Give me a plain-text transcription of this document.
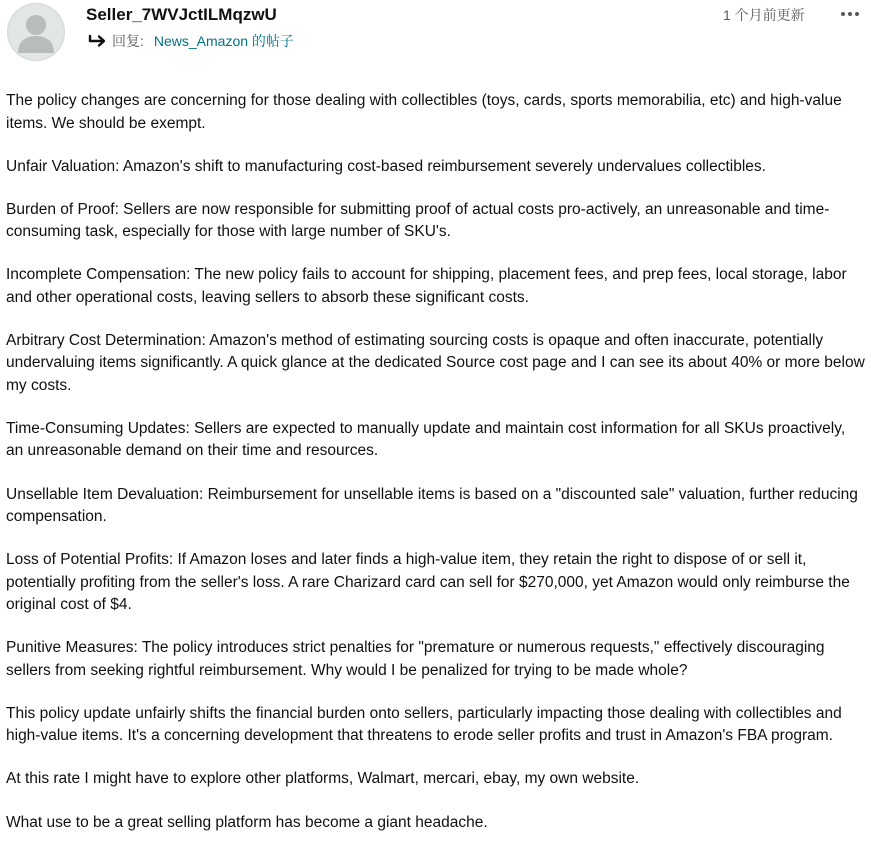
Seller_7WVJctILMqzwU
回复: News_Amazon 的帖子
1 个月前更新

The policy changes are concerning for those dealing with collectibles (toys, cards, sports memorabilia, etc) and high-value items. We should be exempt.

Unfair Valuation: Amazon's shift to manufacturing cost-based reimbursement severely undervalues collectibles.

Burden of Proof: Sellers are now responsible for submitting proof of actual costs pro-actively, an unreasonable and time-consuming task, especially for those with large number of SKU's.

Incomplete Compensation: The new policy fails to account for shipping, placement fees, and prep fees, local storage, labor and other operational costs, leaving sellers to absorb these significant costs.

Arbitrary Cost Determination: Amazon's method of estimating sourcing costs is opaque and often inaccurate, potentially undervaluing items significantly. A quick glance at the dedicated Source cost page and I can see its about 40% or more below my costs.

Time-Consuming Updates: Sellers are expected to manually update and maintain cost information for all SKUs proactively, an unreasonable demand on their time and resources.

Unsellable Item Devaluation: Reimbursement for unsellable items is based on a "discounted sale" valuation, further reducing compensation.

Loss of Potential Profits: If Amazon loses and later finds a high-value item, they retain the right to dispose of or sell it, potentially profiting from the seller's loss. A rare Charizard card can sell for $270,000, yet Amazon would only reimburse the original cost of $4.

Punitive Measures: The policy introduces strict penalties for "premature or numerous requests," effectively discouraging sellers from seeking rightful reimbursement. Why would I be penalized for trying to be made whole?

This policy update unfairly shifts the financial burden onto sellers, particularly impacting those dealing with collectibles and high-value items. It's a concerning development that threatens to erode seller profits and trust in Amazon's FBA program.

At this rate I might have to explore other platforms, Walmart, mercari, ebay, my own website.

What use to be a great selling platform has become a giant headache.
